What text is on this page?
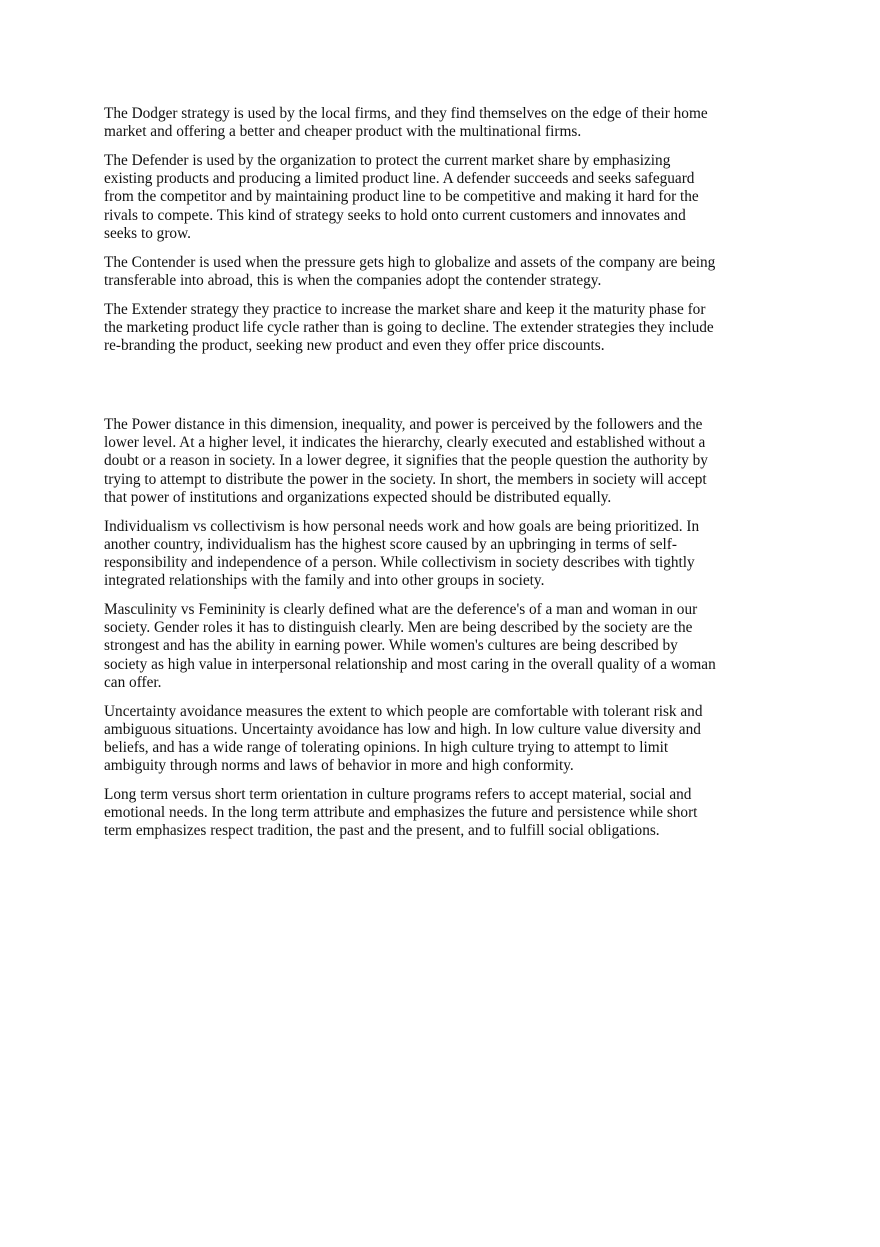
The Dodger strategy is used by the local firms, and they find themselves on the edge of their home market and offering a better and cheaper product with the multinational firms.

The Defender is used by the organization to protect the current market share by emphasizing existing products and producing a limited product line. A defender succeeds and seeks safeguard from the competitor and by maintaining product line to be competitive and making it hard for the rivals to compete. This kind of strategy seeks to hold onto current customers and innovates and seeks to grow.

The Contender is used when the pressure gets high to globalize and assets of the company are being transferable into abroad, this is when the companies adopt the contender strategy.

The Extender strategy they practice to increase the market share and keep it the maturity phase for the marketing product life cycle rather than is going to decline. The extender strategies they include re-branding the product, seeking new product and even they offer price discounts.

The Power distance in this dimension, inequality, and power is perceived by the followers and the lower level. At a higher level, it indicates the hierarchy, clearly executed and established without a doubt or a reason in society. In a lower degree, it signifies that the people question the authority by trying to attempt to distribute the power in the society. In short, the members in society will accept that power of institutions and organizations expected should be distributed equally.

Individualism vs collectivism is how personal needs work and how goals are being prioritized. In another country, individualism has the highest score caused by an upbringing in terms of self-responsibility and independence of a person. While collectivism in society describes with tightly integrated relationships with the family and into other groups in society.

Masculinity vs Femininity is clearly defined what are the deference's of a man and woman in our society. Gender roles it has to distinguish clearly. Men are being described by the society are the strongest and has the ability in earning power. While women's cultures are being described by society as high value in interpersonal relationship and most caring in the overall quality of a woman can offer.

Uncertainty avoidance measures the extent to which people are comfortable with tolerant risk and ambiguous situations. Uncertainty avoidance has low and high. In low culture value diversity and beliefs, and has a wide range of tolerating opinions. In high culture trying to attempt to limit ambiguity through norms and laws of behavior in more and high conformity.

Long term versus short term orientation in culture programs refers to accept material, social and emotional needs. In the long term attribute and emphasizes the future and persistence while short term emphasizes respect tradition, the past and the present, and to fulfill social obligations.
